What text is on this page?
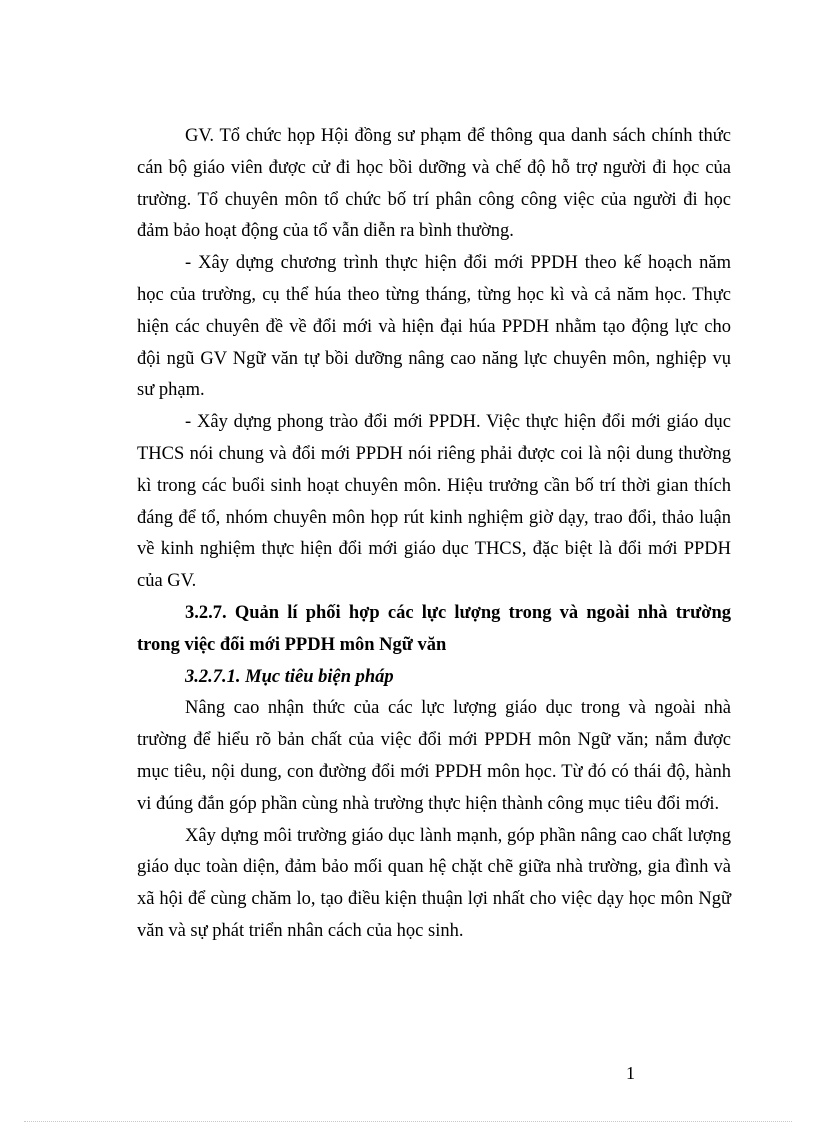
GV. Tổ chức họp Hội đồng sư phạm để thông qua danh sách chính thức cán bộ giáo viên được cử đi học bồi dưỡng và chế độ hỗ trợ người đi học của trường. Tổ chuyên môn tổ chức bố trí phân công công việc của người đi học đảm bảo hoạt động của tổ vẫn diễn ra bình thường.

- Xây dựng chương trình thực hiện đổi mới PPDH theo kế hoạch năm học của trường, cụ thể húa theo từng tháng, từng học kì và cả năm học. Thực hiện các chuyên đề về đổi mới và hiện đại húa PPDH nhằm tạo động lực cho đội ngũ GV Ngữ văn tự bồi dưỡng nâng cao năng lực chuyên môn, nghiệp vụ sư phạm.

- Xây dựng phong trào đổi mới PPDH. Việc thực hiện đổi mới giáo dục THCS nói chung và đổi mới PPDH nói riêng phải được coi là nội dung thường kì trong các buổi sinh hoạt chuyên môn. Hiệu trưởng cần bố trí thời gian thích đáng để tổ, nhóm chuyên môn họp rút kinh nghiệm giờ dạy, trao đổi, thảo luận về kinh nghiệm thực hiện đổi mới giáo dục THCS, đặc biệt là đổi mới PPDH của GV.

3.2.7. Quản lí phối hợp các lực lượng trong và ngoài nhà trường trong việc đổi mới PPDH môn Ngữ văn

3.2.7.1. Mục tiêu biện pháp

Nâng cao nhận thức của các lực lượng giáo dục trong và ngoài nhà trường để hiểu rõ bản chất của việc đổi mới PPDH môn Ngữ văn; nắm được mục tiêu, nội dung, con đường đổi mới PPDH môn học. Từ đó có thái độ, hành vi đúng đắn góp phần cùng nhà trường thực hiện thành công mục tiêu đổi mới.

Xây dựng môi trường giáo dục lành mạnh, góp phần nâng cao chất lượng giáo dục toàn diện, đảm bảo mối quan hệ chặt chẽ giữa nhà trường, gia đình và xã hội để cùng chăm lo, tạo điều kiện thuận lợi nhất cho việc dạy học môn Ngữ văn và sự phát triển nhân cách của học sinh.

1
